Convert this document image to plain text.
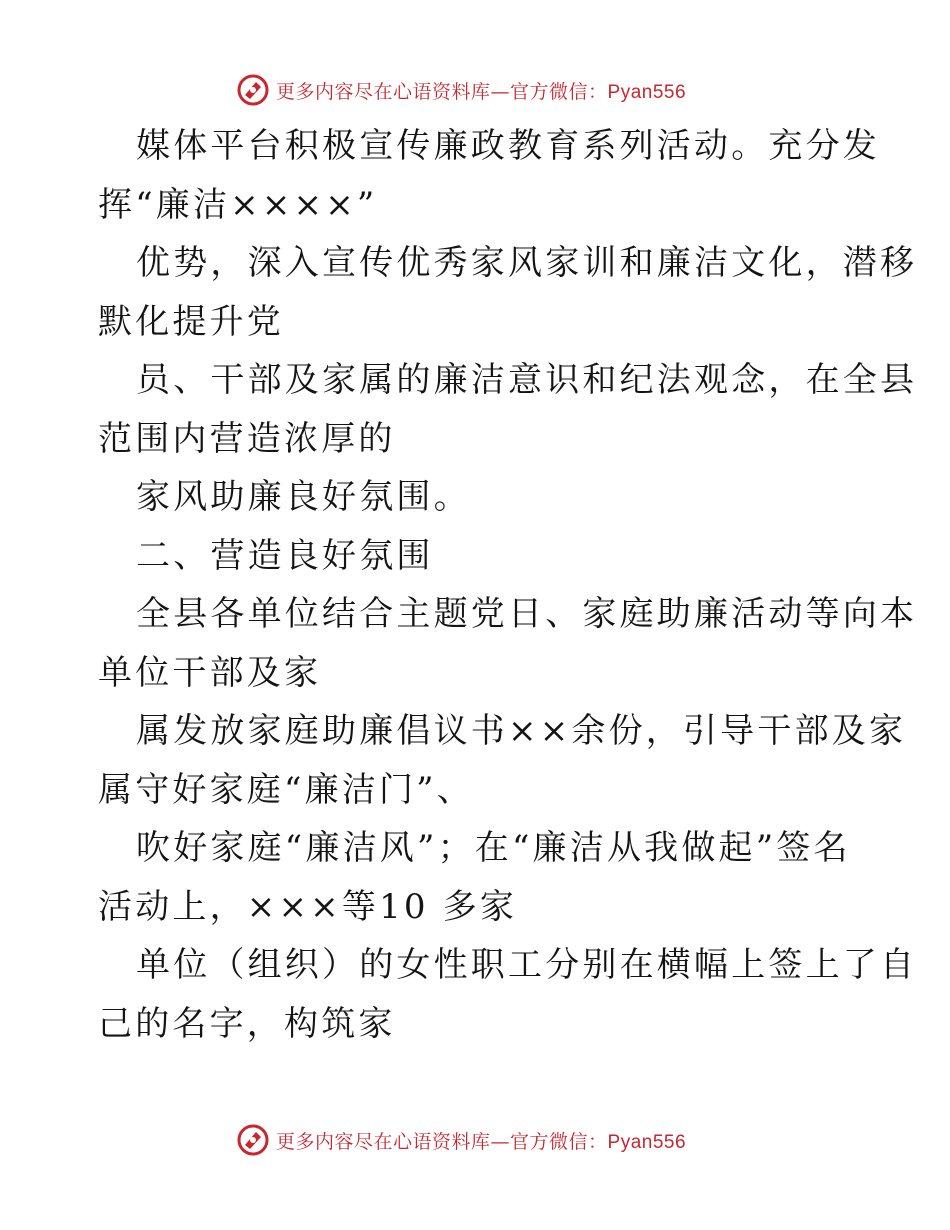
更多内容尽在心语资料库—官方微信：Pyan556
媒体平台积极宣传廉政教育系列活动。充分发
挥“廉洁××××”
优势，深入宣传优秀家风家训和廉洁文化，潜移
默化提升党
员、干部及家属的廉洁意识和纪法观念，在全县
范围内营造浓厚的
家风助廉良好氛围。
二、营造良好氛围
全县各单位结合主题党日、家庭助廉活动等向本
单位干部及家
属发放家庭助廉倡议书××余份，引导干部及家
属守好家庭“廉洁门”、
吹好家庭“廉洁风”；在“廉洁从我做起”签名
活动上，×××等10 多家
单位（组织）的女性职工分别在横幅上签上了自
己的名字，构筑家
更多内容尽在心语资料库—官方微信：Pyan556
